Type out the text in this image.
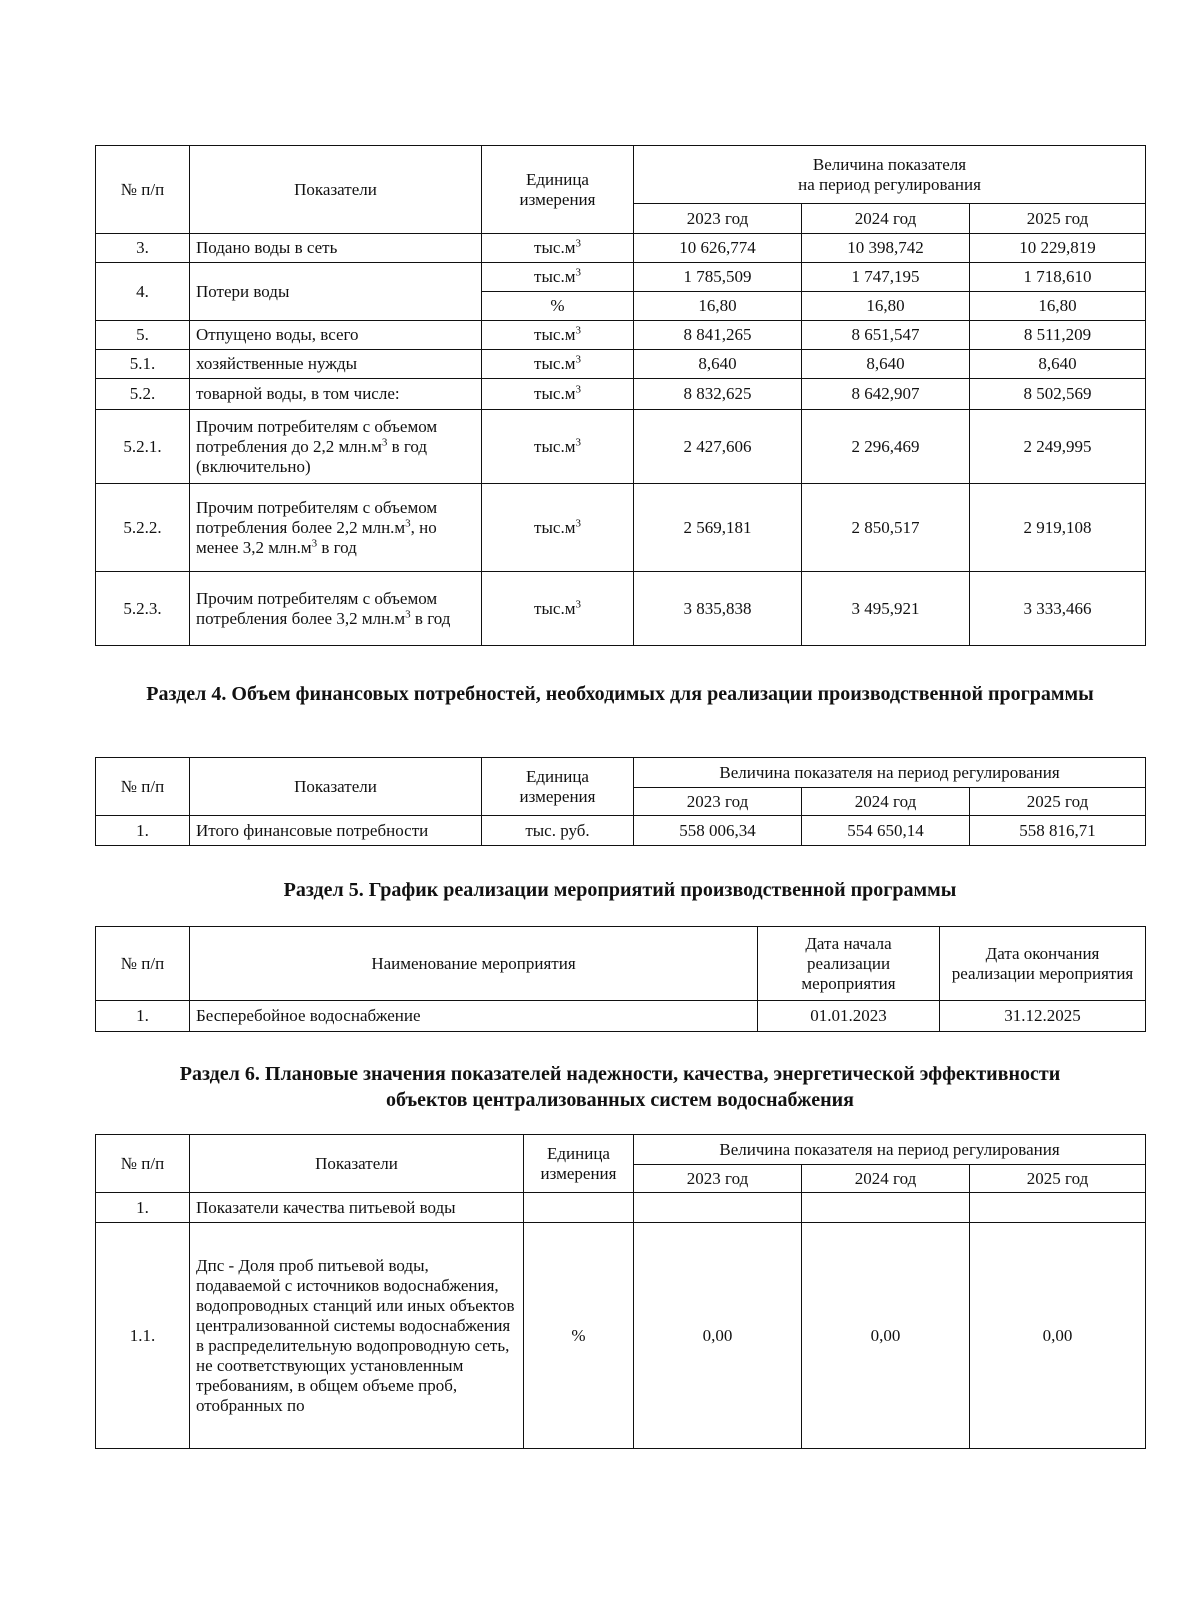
№ п/п	Показатели	Единица измерения	Величина показателя
на период регулирования		
			2023 год	2024 год	2025 год
3.	Подано воды в сеть	$тыс.м^3$	10 626,774	10 398,742	10 229,819
4.	Потери воды	$тыс.м^3$	1 785,509	1 747,195	1 718,610
		%	16,80	16,80	16,80
5.	Отпущено воды, всего	$тыс.м^3$	8 841,265	8 651,547	8 511,209
5.1.	хозяйственные нужды	$тыс.м^3$	8,640	8,640	8,640
5.2.	товарной воды, в том числе:	$тыс.м^3$	8 832,625	8 642,907	8 502,569
5.2.1.	Прочим потребителям с объемом потребления до 2,2 $млн.м^3$ в год (включительно)	$тыс.м^3$	2 427,606	2 296,469	2 249,995
5.2.2.	Прочим потребителям с объемом потребления более 2,2 $млн.м^3$, но менее 3,2 $млн.м^3$ в год	$тыс.м^3$	2 569,181	2 850,517	2 919,108
5.2.3.	Прочим потребителям с объемом потребления более 3,2 $млн.м^3$ в год	$тыс.м^3$	3 835,838	3 495,921	3 333,466
Раздел 4. Объем финансовых потребностей, необходимых для реализации производственной программы
№ п/п	Показатели	Единица измерения	Величина показателя на период регулирования		
			2023 год	2024 год	2025 год
1.	Итого финансовые потребности	тыс. руб.	558 006,34	554 650,14	558 816,71
Раздел 5. График реализации мероприятий производственной программы
№ п/п	Наименование мероприятия	Дата начала реализации мероприятия	Дата окончания реализации мероприятия
1.	Бесперебойное водоснабжение	01.01.2023	31.12.2025
Раздел 6. Плановые значения показателей надежности, качества, энергетической эффективности объектов централизованных систем водоснабжения
№ п/п	Показатели	Единица измерения	Величина показателя на период регулирования		
			2023 год	2024 год	2025 год
1.	Показатели качества питьевой воды				
1.1.	Дпс - Доля проб питьевой воды, подаваемой с источников водоснабжения, водопроводных станций или иных объектов централизованной системы водоснабжения в распределительную водопроводную сеть, не соответствующих установленным требованиям, в общем объеме проб, отобранных по	%	0,00	0,00	0,00
